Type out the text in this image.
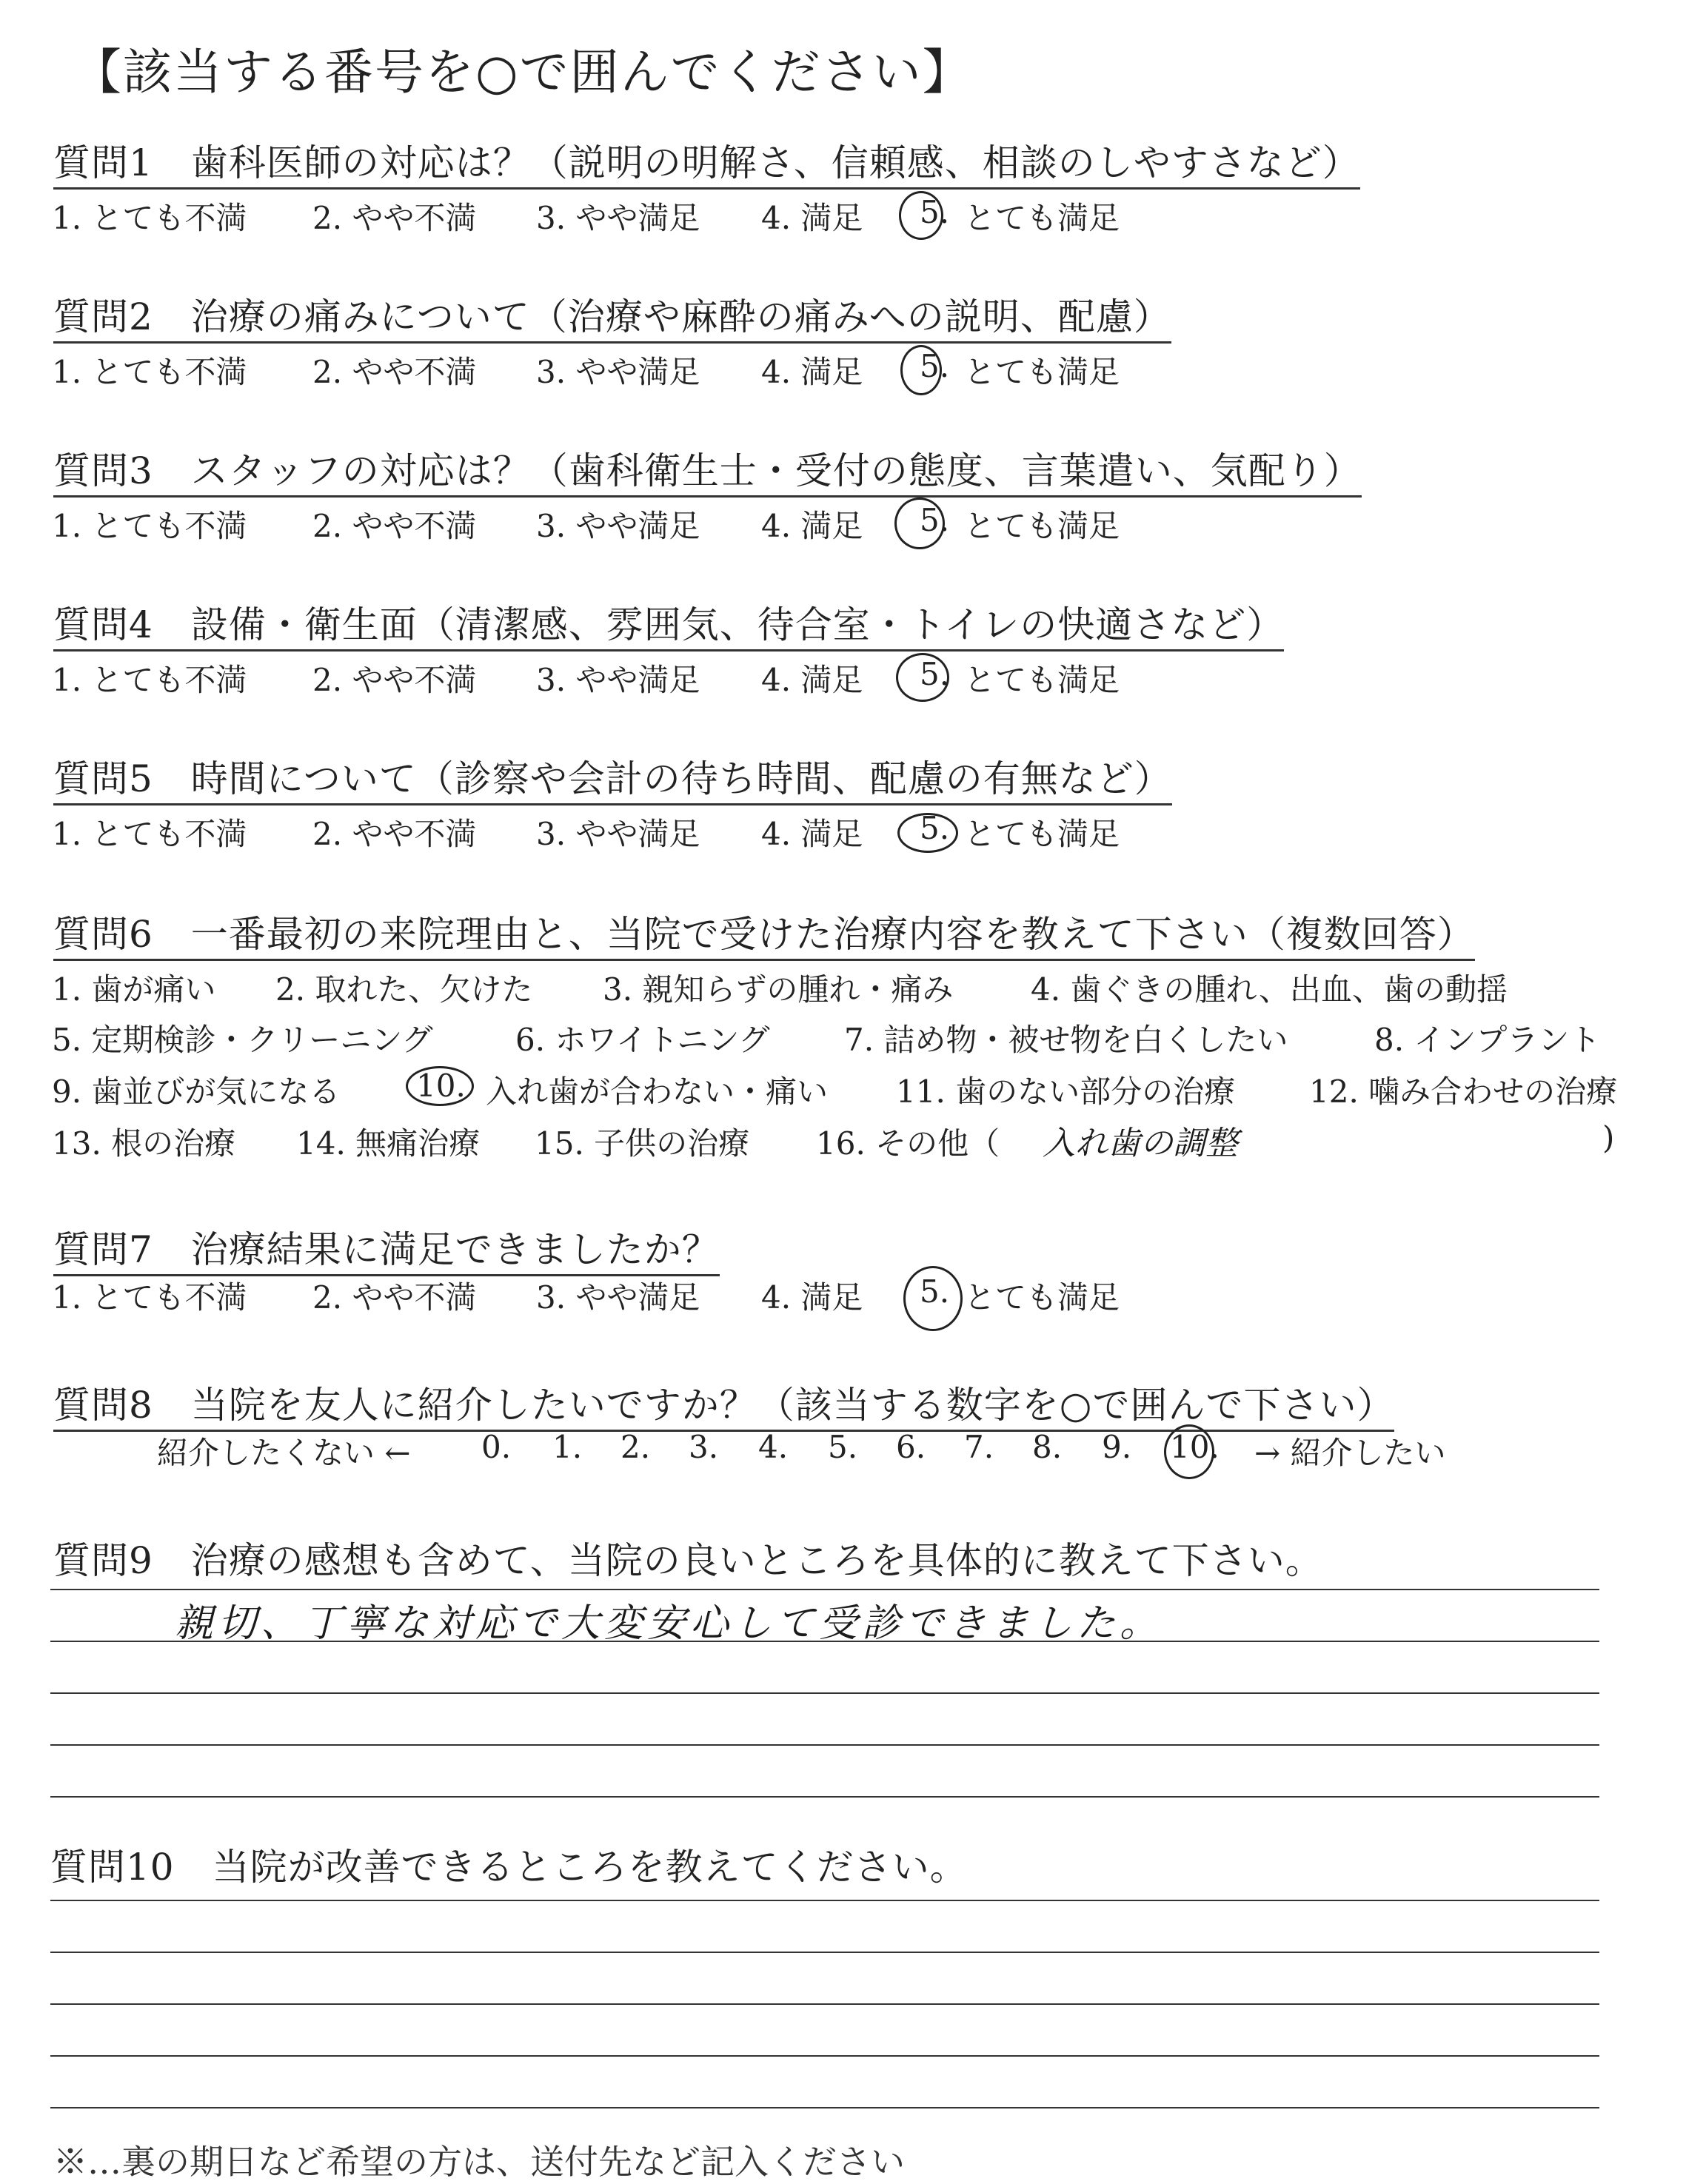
【該当する番号を○で囲んでください】
質問1　歯科医師の対応は？（説明の明解さ、信頼感、相談のしやすさなど）
1. とても不満 2. やや不満 3. やや満足 4. 満足 5. とても満足
質問2　治療の痛みについて（治療や麻酔の痛みへの説明、配慮）
1. とても不満 2. やや不満 3. やや満足 4. 満足 5. とても満足
質問3　スタッフの対応は？（歯科衛生士・受付の態度、言葉遣い、気配り）
1. とても不満 2. やや不満 3. やや満足 4. 満足 5. とても満足
質問4　設備・衛生面（清潔感、雰囲気、待合室・トイレの快適さなど）
1. とても不満 2. やや不満 3. やや満足 4. 満足 5. とても満足
質問5　時間について（診察や会計の待ち時間、配慮の有無など）
1. とても不満 2. やや不満 3. やや満足 4. 満足 5. とても満足
質問6　一番最初の来院理由と、当院で受けた治療内容を教えて下さい（複数回答）
1. 歯が痛い 2. 取れた、欠けた 3. 親知らずの腫れ・痛み 4. 歯ぐきの腫れ、出血、歯の動揺
5. 定期検診・クリーニング	6. ホワイトニング 7. 詰め物・被せ物を白くしたい	8. インプラント
9. 歯並びが気になる 10. 入れ歯が合わない・痛い 11. 歯のない部分の治療 12. 噛み合わせの治療
13. 根の治療 14. 無痛治療 15. 子供の治療 16. その他（	)
入れ歯の調整
質問7　治療結果に満足できましたか？
1. とても不満 2. やや不満 3. やや満足 4. 満足 5. とても満足
質問8　当院を友人に紹介したいですか？（該当する数字を○で囲んで下さい）
紹介したくない ← 0. 1. 2. 3. 4. 5. 6. 7. 8. 9. 10. → 紹介したい
質問9　治療の感想も含めて、当院の良いところを具体的に教えて下さい。
親切、丁寧な対応で大変安心して受診できました。
質問10　当院が改善できるところを教えてください。
※…裏の期日など希望の方は、送付先など記入ください
